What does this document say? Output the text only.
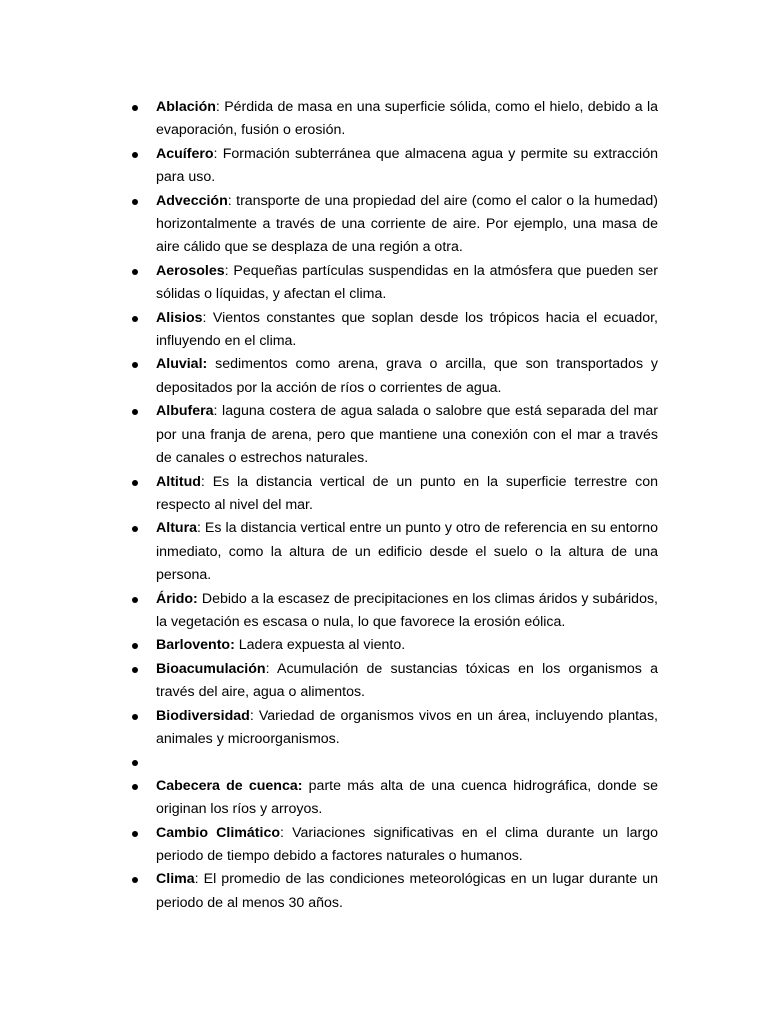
Ablación: Pérdida de masa en una superficie sólida, como el hielo, debido a la evaporación, fusión o erosión.
Acuífero: Formación subterránea que almacena agua y permite su extracción para uso.
Advección: transporte de una propiedad del aire (como el calor o la humedad) horizontalmente a través de una corriente de aire. Por ejemplo, una masa de aire cálido que se desplaza de una región a otra.
Aerosoles: Pequeñas partículas suspendidas en la atmósfera que pueden ser sólidas o líquidas, y afectan el clima.
Alisios: Vientos constantes que soplan desde los trópicos hacia el ecuador, influyendo en el clima.
Aluvial: sedimentos como arena, grava o arcilla, que son transportados y depositados por la acción de ríos o corrientes de agua.
Albufera: laguna costera de agua salada o salobre que está separada del mar por una franja de arena, pero que mantiene una conexión con el mar a través de canales o estrechos naturales.
Altitud: Es la distancia vertical de un punto en la superficie terrestre con respecto al nivel del mar.
Altura: Es la distancia vertical entre un punto y otro de referencia en su entorno inmediato, como la altura de un edificio desde el suelo o la altura de una persona.
Árido: Debido a la escasez de precipitaciones en los climas áridos y subáridos, la vegetación es escasa o nula, lo que favorece la erosión eólica.
Barlovento: Ladera expuesta al viento.
Bioacumulación: Acumulación de sustancias tóxicas en los organismos a través del aire, agua o alimentos.
Biodiversidad: Variedad de organismos vivos en un área, incluyendo plantas, animales y microorganismos.
Cabecera de cuenca: parte más alta de una cuenca hidrográfica, donde se originan los ríos y arroyos.
Cambio Climático: Variaciones significativas en el clima durante un largo periodo de tiempo debido a factores naturales o humanos.
Clima: El promedio de las condiciones meteorológicas en un lugar durante un periodo de al menos 30 años.
